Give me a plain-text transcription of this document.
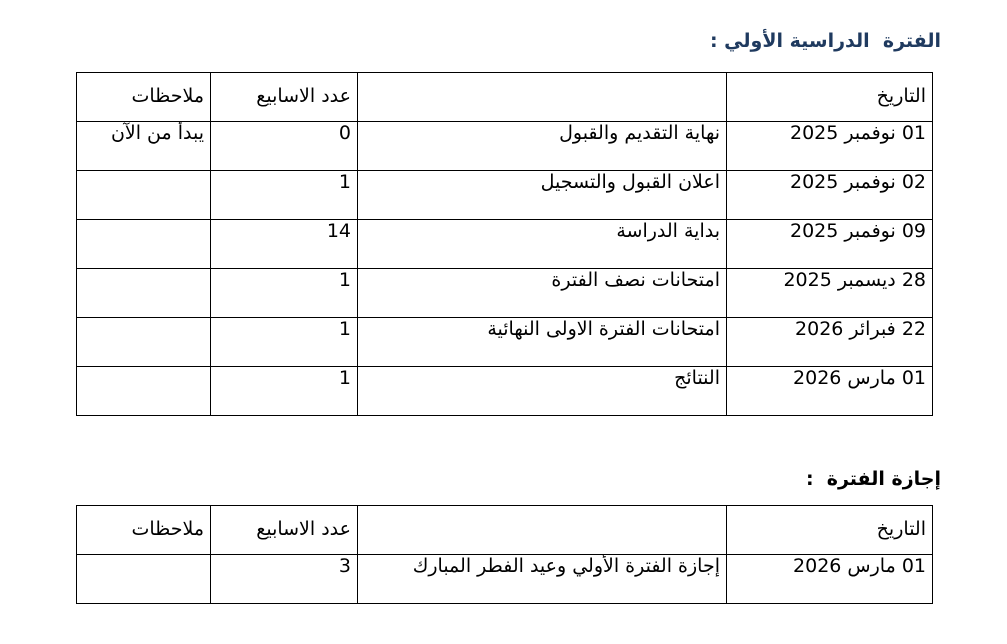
الفترة  الدراسية الأولي :
ملاحظات	عدد الاسابيع		التاريخ
يبدأ من الآن	0	نهاية التقديم والقبول	01 نوفمبر 2025
	1	اعلان القبول والتسجيل	02 نوفمبر 2025
	14	بداية الدراسة	09 نوفمبر 2025
	1	امتحانات نصف الفترة	28 ديسمبر 2025
	1	امتحانات الفترة الاولى النهائية	22 فبرائر 2026
	1	النتائج	01 مارس 2026
إجازة الفترة  :
ملاحظات	عدد الاسابيع		التاريخ
	3	إجازة الفترة الأولي وعيد الفطر المبارك	01 مارس 2026
